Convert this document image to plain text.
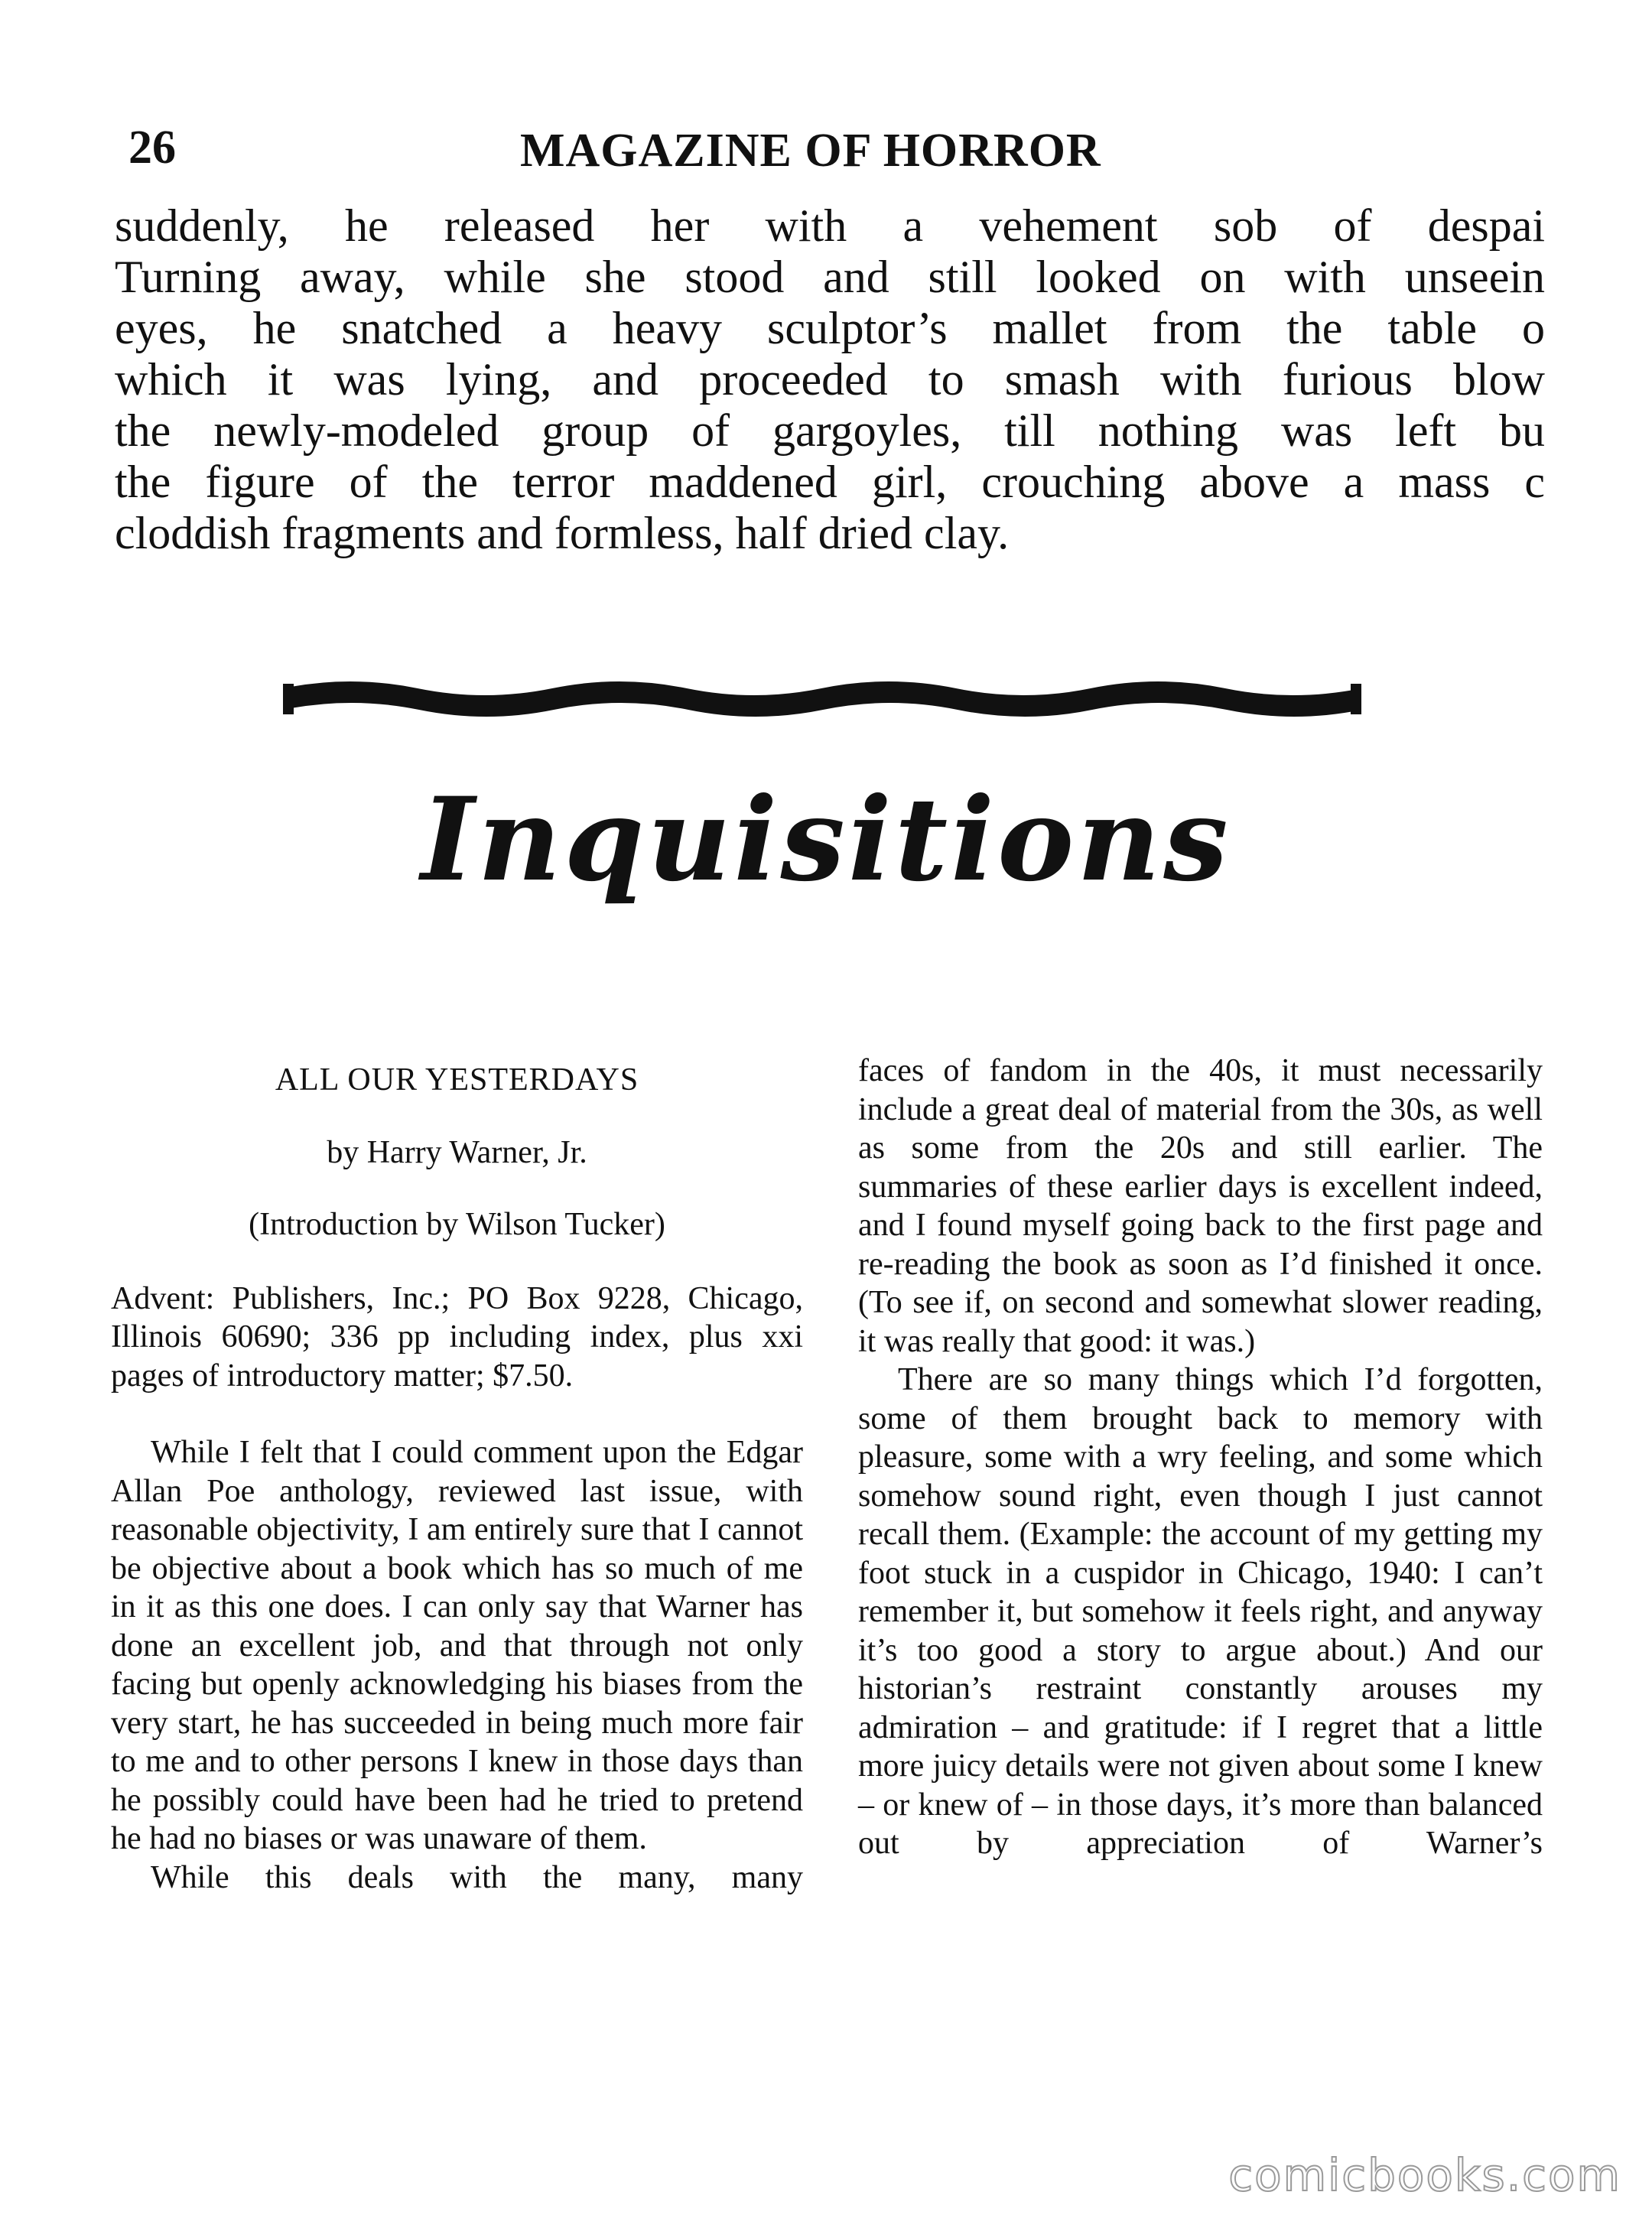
26	MAGAZINE OF HORROR
suddenly, he released her with a vehement sob of despai
Turning away, while she stood and still looked on with unseein
eyes, he snatched a heavy sculptor’s mallet from the table o
which it was lying, and proceeded to smash with furious blow
the newly-modeled group of gargoyles, till nothing was left bu
the figure of the terror maddened girl, crouching above a mass c
cloddish fragments and formless, half dried clay.
Inquisitions
ALL OUR YESTERDAYS
by Harry Warner, Jr.
(Introduction by Wilson Tucker)

Advent: Publishers, Inc.; PO Box 9228, Chicago, Illinois 60690; 336 pp including index, plus xxi pages of introductory matter; $7.50.

While I felt that I could comment upon the Edgar Allan Poe anthology, reviewed last issue, with reasonable objectivity, I am entirely sure that I cannot be objective about a book which has so much of me in it as this one does. I can only say that Warner has done an excellent job, and that through not only facing but openly acknowledging his biases from the very start, he has succeeded in being much more fair to me and to other persons I knew in those days than he possibly could have been had he tried to pretend he had no biases or was unaware of them.

While this deals with the many, many

faces of fandom in the 40s, it must necessarily include a great deal of material from the 30s, as well as some from the 20s and still earlier. The summaries of these earlier days is excellent indeed, and I found myself going back to the first page and re-reading the book as soon as I’d finished it once. (To see if, on second and somewhat slower reading, it was really that good: it was.)

There are so many things which I’d forgotten, some of them brought back to memory with pleasure, some with a wry feeling, and some which somehow sound right, even though I just cannot recall them. (Example: the account of my getting my foot stuck in a cuspidor in Chicago, 1940: I can’t remember it, but somehow it feels right, and anyway it’s too good a story to argue about.) And our historian’s restraint constantly arouses my admiration – and gratitude: if I regret that a little more juicy details were not given about some I knew – or knew of – in those days, it’s more than balanced out by appreciation of Warner’s

comicbooks.com
